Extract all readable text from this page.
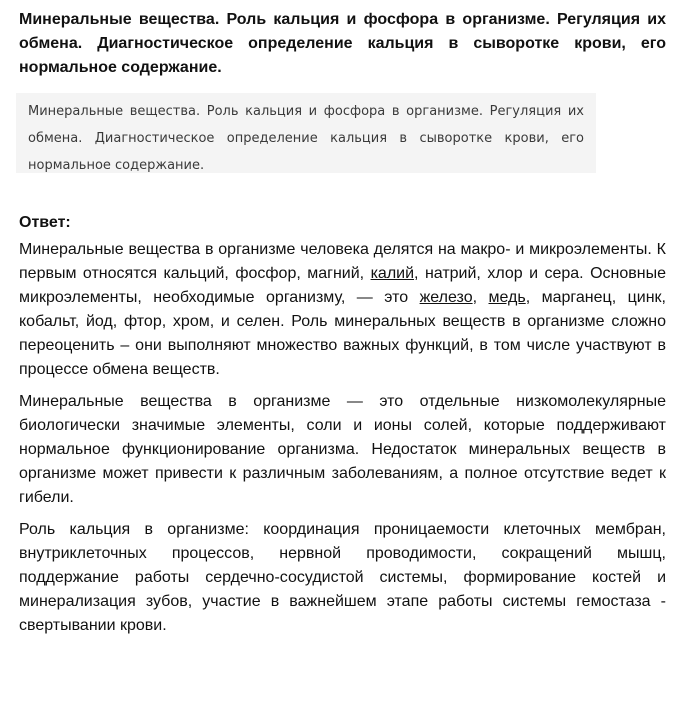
Минеральные вещества. Роль кальция и фосфора в организме. Регуляция их обмена. Диагностическое определение кальция в сыворотке крови, его нормальное содержание.

Минеральные вещества. Роль кальция и фосфора в организме. Регуляция их обмена. Диагностическое определение кальция в сыворотке крови, его нормальное содержание.

Ответ:

Минеральные вещества в организме человека делятся на макро- и микроэлементы. К первым относятся кальций, фосфор, магний, калий, натрий, хлор и сера. Основные микроэлементы, необходимые организму, — это железо, медь, марганец, цинк, кобальт, йод, фтор, хром, и селен. Роль минеральных веществ в организме сложно переоценить – они выполняют множество важных функций, в том числе участвуют в процессе обмена веществ.

Минеральные вещества в организме — это отдельные низкомолекулярные биологически значимые элементы, соли и ионы солей, которые поддерживают нормальное функционирование организма. Недостаток минеральных веществ в организме может привести к различным заболеваниям, а полное отсутствие ведет к гибели.

Роль кальция в организме: координация проницаемости клеточных мембран, внутриклеточных процессов, нервной проводимости, сокращений мышц, поддержание работы сердечно-сосудистой системы, формирование костей и минерализация зубов, участие в важнейшем этапе работы системы гемостаза - свертывании крови.
